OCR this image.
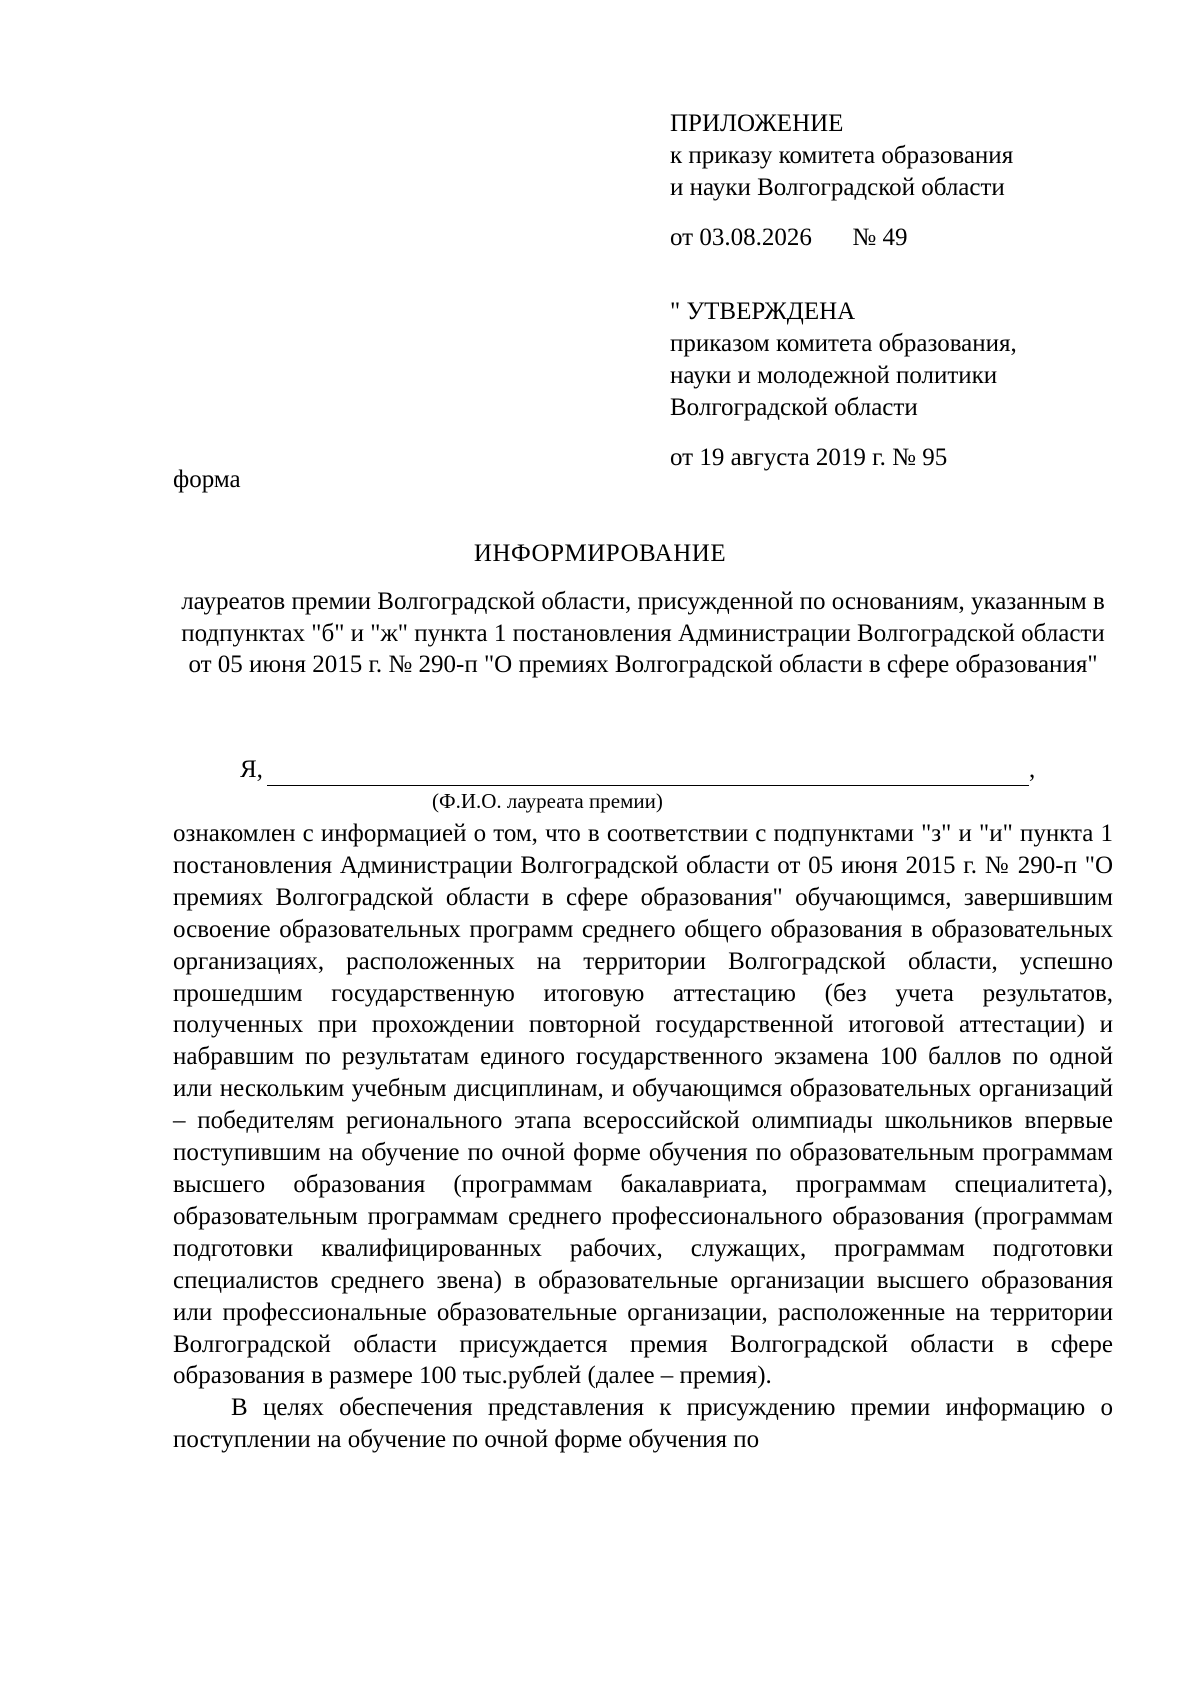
ПРИЛОЖЕНИЕ
к приказу комитета образования
и науки Волгоградской области
от 03.08.2026 № 49
" УТВЕРЖДЕНА
приказом комитета образования,
науки и молодежной политики
Волгоградской области
от 19 августа 2019 г. № 95
форма
ИНФОРМИРОВАНИЕ
лауреатов премии Волгоградской области, присужденной по основаниям, указанным в подпунктах "б" и "ж" пункта 1 постановления Администрации Волгоградской области от 05 июня 2015 г. № 290-п "О премиях Волгоградской области в сфере образования"
Я,	,
(Ф.И.О. лауреата премии)

ознакомлен с информацией о том, что в соответствии с подпунктами "з" и "и" пункта 1 постановления Администрации Волгоградской области от 05 июня 2015 г. № 290-п "О премиях Волгоградской области в сфере образования" обучающимся, завершившим освоение образовательных программ среднего общего образования в образовательных организациях, расположенных на территории Волгоградской области, успешно прошедшим государственную итоговую аттестацию (без учета результатов, полученных при прохождении повторной государственной итоговой аттестации) и набравшим по результатам единого государственного экзамена 100 баллов по одной или нескольким учебным дисциплинам, и обучающимся образовательных организаций – победителям регионального этапа всероссийской олимпиады школьников впервые поступившим на обучение по очной форме обучения по образовательным программам высшего образования (программам бакалавриата, программам специалитета), образовательным программам среднего профессионального образования (программам подготовки квалифицированных рабочих, служащих, программам подготовки специалистов среднего звена) в образовательные организации высшего образования или профессиональные образовательные организации, расположенные на территории Волгоградской области присуждается премия Волгоградской области в сфере образования в размере 100 тыс.рублей (далее – премия).

В целях обеспечения представления к присуждению премии информацию о поступлении на обучение по очной форме обучения по
